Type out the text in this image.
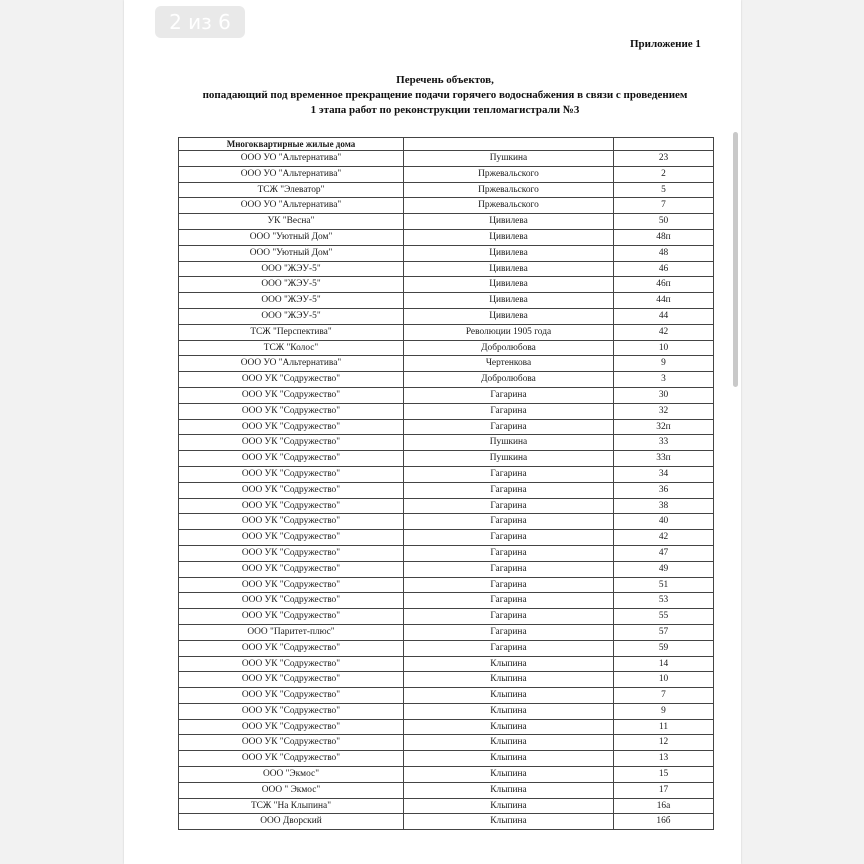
2 из 6
Приложение 1
Перечень объектов,
попадающий под временное прекращение подачи горячего водоснабжения в связи с проведением
1 этапа работ по реконструкции тепломагистрали №3
Многоквартирные жилые дома		
ООО УО "Альтернатива"	Пушкина	23
ООО УО "Альтернатива"	Пржевальского	2
ТСЖ "Элеватор"	Пржевальского	5
ООО УО "Альтернатива"	Пржевальского	7
УК "Весна"	Цивилева	50
ООО "Уютный Дом"	Цивилева	48п
ООО "Уютный Дом"	Цивилева	48
ООО "ЖЭУ-5"	Цивилева	46
ООО "ЖЭУ-5"	Цивилева	46п
ООО "ЖЭУ-5"	Цивилева	44п
ООО "ЖЭУ-5"	Цивилева	44
ТСЖ "Перспектива"	Революции 1905 года	42
ТСЖ "Колос"	Добролюбова	10
ООО УО "Альтернатива"	Чертенкова	9
ООО УК "Содружество"	Добролюбова	3
ООО УК "Содружество"	Гагарина	30
ООО УК "Содружество"	Гагарина	32
ООО УК "Содружество"	Гагарина	32п
ООО УК "Содружество"	Пушкина	33
ООО УК "Содружество"	Пушкина	33п
ООО УК "Содружество"	Гагарина	34
ООО УК "Содружество"	Гагарина	36
ООО УК "Содружество"	Гагарина	38
ООО УК "Содружество"	Гагарина	40
ООО УК "Содружество"	Гагарина	42
ООО УК "Содружество"	Гагарина	47
ООО УК "Содружество"	Гагарина	49
ООО УК "Содружество"	Гагарина	51
ООО УК "Содружество"	Гагарина	53
ООО УК "Содружество"	Гагарина	55
ООО "Паритет-плюс"	Гагарина	57
ООО УК "Содружество"	Гагарина	59
ООО УК "Содружество"	Клыпина	14
ООО УК "Содружество"	Клыпина	10
ООО УК "Содружество"	Клыпина	7
ООО УК "Содружество"	Клыпина	9
ООО УК "Содружество"	Клыпина	11
ООО УК "Содружество"	Клыпина	12
ООО УК "Содружество"	Клыпина	13
ООО "Экмос"	Клыпина	15
ООО " Экмос"	Клыпина	17
ТСЖ "На Клыпина"	Клыпина	16а
ООО Дворский	Клыпина	16б
